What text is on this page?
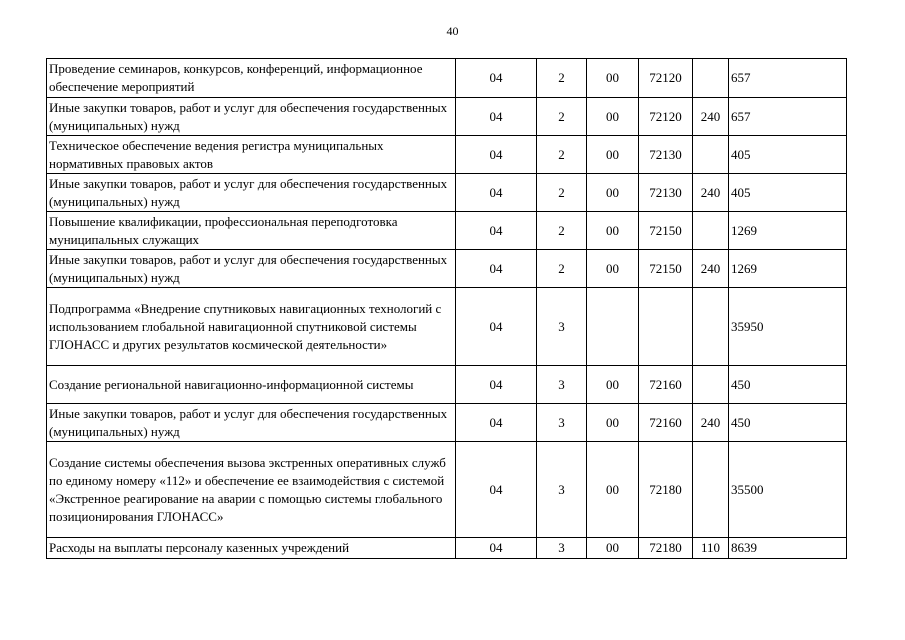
40
Проведение семинаров, конкурсов, конференций, информационное обеспечение мероприятий	04	2	00	72120		657
Иные закупки товаров, работ и услуг для обеспечения государственных (муниципальных) нужд	04	2	00	72120	240	657
Техническое обеспечение ведения регистра муниципальных нормативных правовых актов	04	2	00	72130		405
Иные закупки товаров, работ и услуг для обеспечения государственных (муниципальных) нужд	04	2	00	72130	240	405
Повышение квалификации, профессиональная переподготовка муниципальных служащих	04	2	00	72150		1269
Иные закупки товаров, работ и услуг для обеспечения государственных (муниципальных) нужд	04	2	00	72150	240	1269
Подпрограмма «Внедрение спутниковых навигационных технологий с использованием глобальной навигационной спутниковой системы ГЛОНАСС и других результатов космической деятельности»	04	3				35950
Создание региональной навигационно-информационной системы	04	3	00	72160		450
Иные закупки товаров, работ и услуг для обеспечения государственных (муниципальных) нужд	04	3	00	72160	240	450
Создание системы обеспечения вызова экстренных оперативных служб по единому номеру «112» и обеспечение ее взаимодействия с системой «Экстренное реагирование на аварии с помощью системы глобального позиционирования ГЛОНАСС»	04	3	00	72180		35500
Расходы на выплаты персоналу казенных учреждений	04	3	00	72180	110	8639
